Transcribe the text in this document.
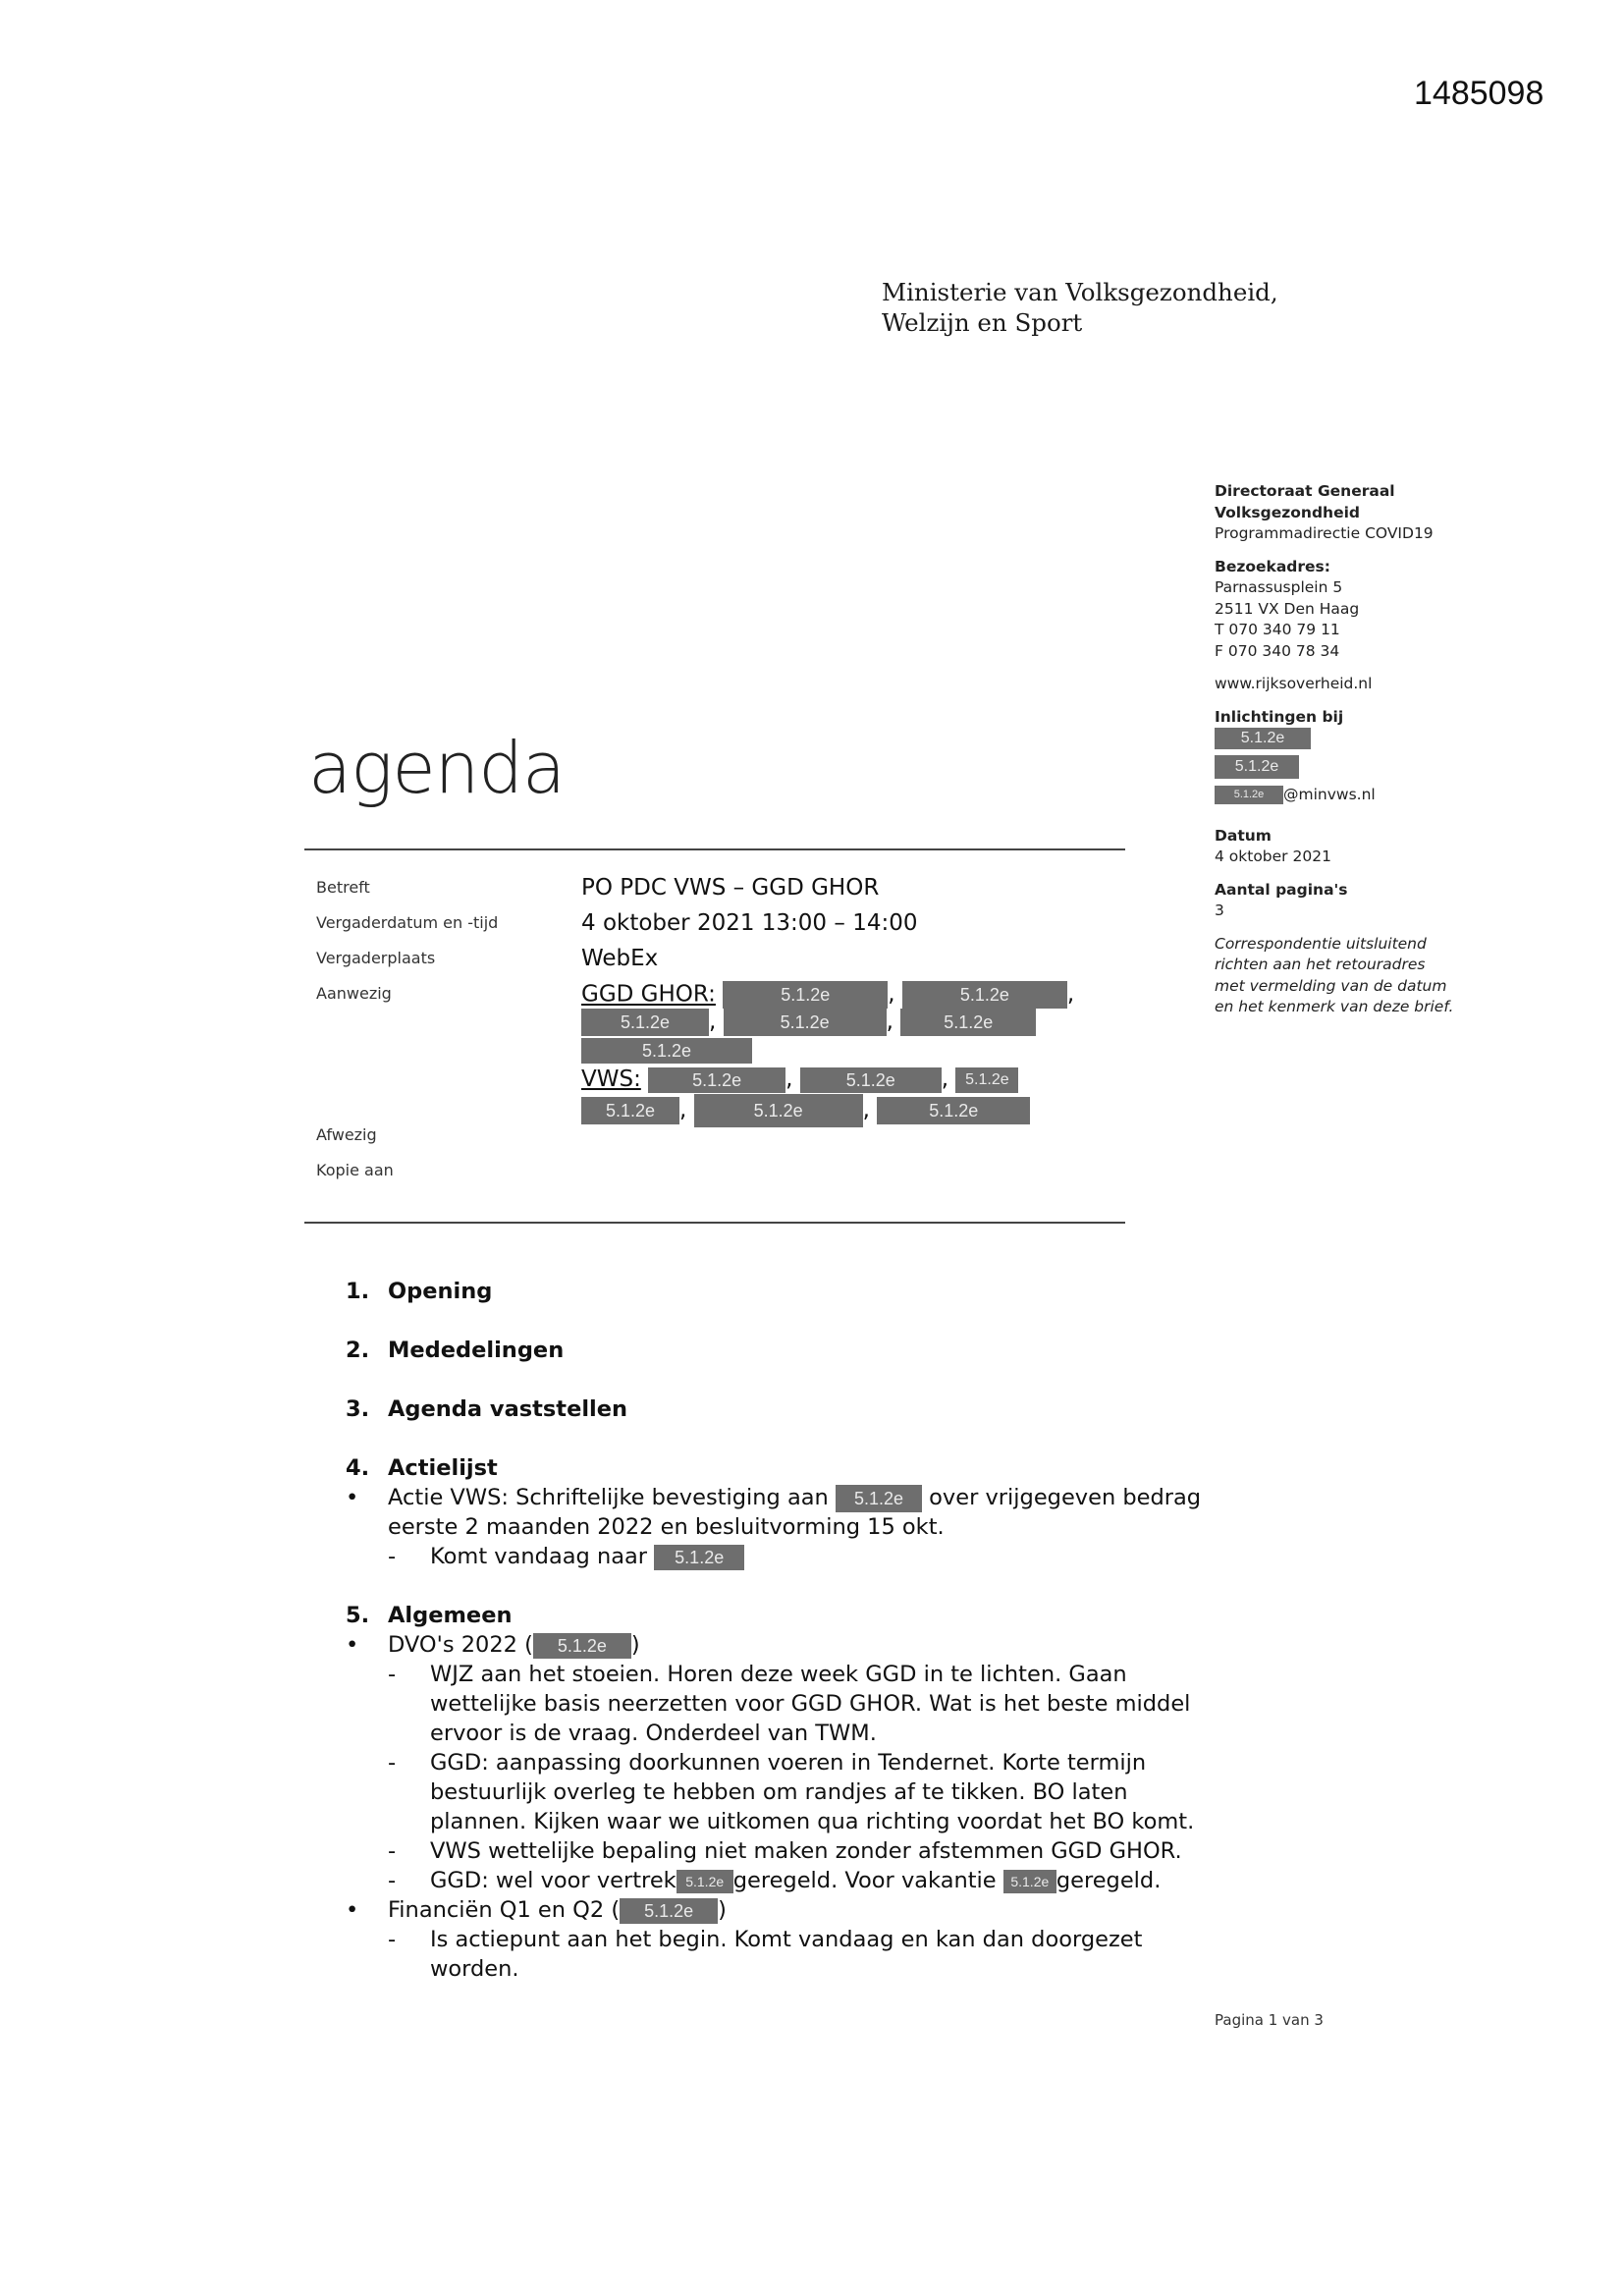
1485098
Ministerie van Volksgezondheid,
Welzijn en Sport
Directoraat Generaal
Volksgezondheid
Programmadirectie COVID19
Bezoekadres:
Parnassusplein 5
2511 VX Den Haag
T 070 340 79 11
F 070 340 78 34
www.rijksoverheid.nl
Inlichtingen bij
5.1.2e
5.1.2e
5.1.2e @minvws.nl
Datum
4 oktober 2021
Aantal pagina's
3
Correspondentie uitsluitend richten aan het retouradres met vermelding van de datum en het kenmerk van deze brief.
agenda
Betreft	PO PDC VWS – GGD GHOR
Vergaderdatum en -tijd	4 oktober 2021 13:00 – 14:00
Vergaderplaats	WebEx
Aanwezig	GGD GHOR:	5.1.2e	,	5.1.2e	,
5.1.2e ,	5.1.2e	,	5.1.2e
5.1.2e
VWS:	5.1.2e ,	5.1.2e , 5.1.2e
5.1.2e ,	5.1.2e	,	5.1.2e
Afwezig
Kopie aan
1. Opening
2. Mededelingen
3. Agenda vaststellen
4. Actielijst
• Actie VWS: Schriftelijke bevestiging aan 5.1.2e over vrijgegeven bedrag
eerste 2 maanden 2022 en besluitvorming 15 okt.
- Komt vandaag naar 5.1.2e
5. Algemeen
• DVO's 2022 ( 5.1.2e )
- WJZ aan het stoeien. Horen deze week GGD in te lichten. Gaan wettelijke basis neerzetten voor GGD GHOR. Wat is het beste middel ervoor is de vraag. Onderdeel van TWM.
- GGD: aanpassing doorkunnen voeren in Tendernet. Korte termijn bestuurlijk overleg te hebben om randjes af te tikken. BO laten plannen. Kijken waar we uitkomen qua richting voordat het BO komt.
- VWS wettelijke bepaling niet maken zonder afstemmen GGD GHOR.
- GGD: wel voor vertrek 5.1.2e geregeld. Voor vakantie 5.1.2e geregeld.
• Financiën Q1 en Q2 ( 5.1.2e )
- Is actiepunt aan het begin. Komt vandaag en kan dan doorgezet worden.
Pagina 1 van 3
